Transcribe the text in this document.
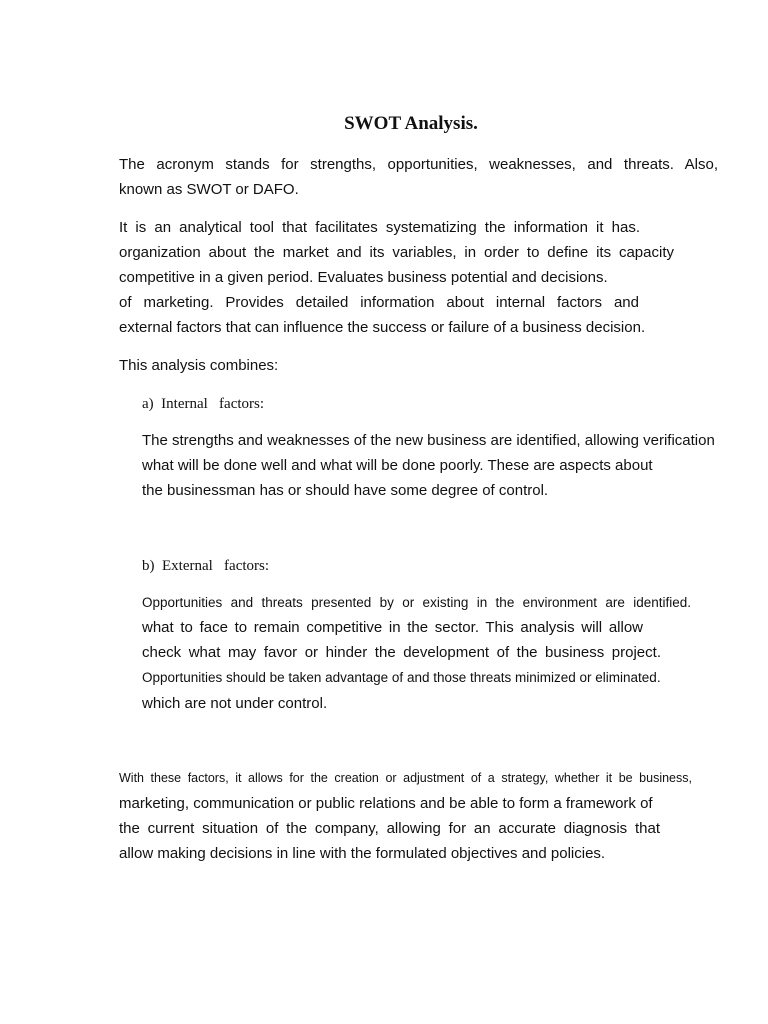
SWOT Analysis.
The acronym stands for strengths, opportunities, weaknesses, and threats. Also,
known as SWOT or DAFO.
It is an analytical tool that facilitates systematizing the information it has.
organization about the market and its variables, in order to define its capacity
competitive in a given period. Evaluates business potential and decisions.
of marketing. Provides detailed information about internal factors and
external factors that can influence the success or failure of a business decision.
This analysis combines:
a)  Internal   factors:
The strengths and weaknesses of the new business are identified, allowing verification
what will be done well and what will be done poorly. These are aspects about
the businessman has or should have some degree of control.
b)  External   factors:
Opportunities and threats presented by or existing in the environment are identified.
what to face to remain competitive in the sector. This analysis will allow
check what may favor or hinder the development of the business project.
Opportunities should be taken advantage of and those threats minimized or eliminated.
which are not under control.
With these factors, it allows for the creation or adjustment of a strategy, whether it be business,
marketing, communication or public relations and be able to form a framework of
the current situation of the company, allowing for an accurate diagnosis that
allow making decisions in line with the formulated objectives and policies.
